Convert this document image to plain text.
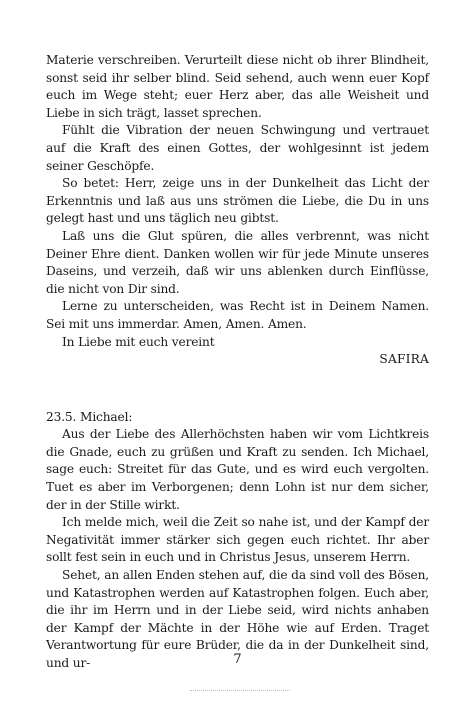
Materie verschreiben. Verurteilt diese nicht ob ihrer Blindheit, sonst seid ihr selber blind. Seid sehend, auch wenn euer Kopf euch im Wege steht; euer Herz aber, das alle Weisheit und Liebe in sich trägt, lasset sprechen.

Fühlt die Vibration der neuen Schwingung und vertrauet auf die Kraft des einen Gottes, der wohlgesinnt ist jedem seiner Geschöpfe.

So betet: Herr, zeige uns in der Dunkelheit das Licht der Erkenntnis und laß aus uns strömen die Liebe, die Du in uns gelegt hast und uns täglich neu gibtst.

Laß uns die Glut spüren, die alles verbrennt, was nicht Deiner Ehre dient. Danken wollen wir für jede Minute unseres Daseins, und verzeih, daß wir uns ablenken durch Einflüsse, die nicht von Dir sind.

Lerne zu unterscheiden, was Recht ist in Deinem Namen. Sei mit uns immerdar. Amen, Amen. Amen.

In Liebe mit euch vereint

SAFIRA

23.5. Michael:

Aus der Liebe des Allerhöchsten haben wir vom Lichtkreis die Gnade, euch zu grüßen und Kraft zu senden. Ich Michael, sage euch: Streitet für das Gute, und es wird euch vergolten. Tuet es aber im Verborgenen; denn Lohn ist nur dem sicher, der in der Stille wirkt.

Ich melde mich, weil die Zeit so nahe ist, und der Kampf der Negativität immer stärker sich gegen euch richtet. Ihr aber sollt fest sein in euch und in Christus Jesus, unserem Herrn.

Sehet, an allen Enden stehen auf, die da sind voll des Bösen, und Katastrophen werden auf Katastrophen folgen. Euch aber, die ihr im Herrn und in der Liebe seid, wird nichts anhaben der Kampf der Mächte in der Höhe wie auf Erden. Traget Verantwortung für eure Brüder, die da in der Dunkelheit sind, und ur-	7
